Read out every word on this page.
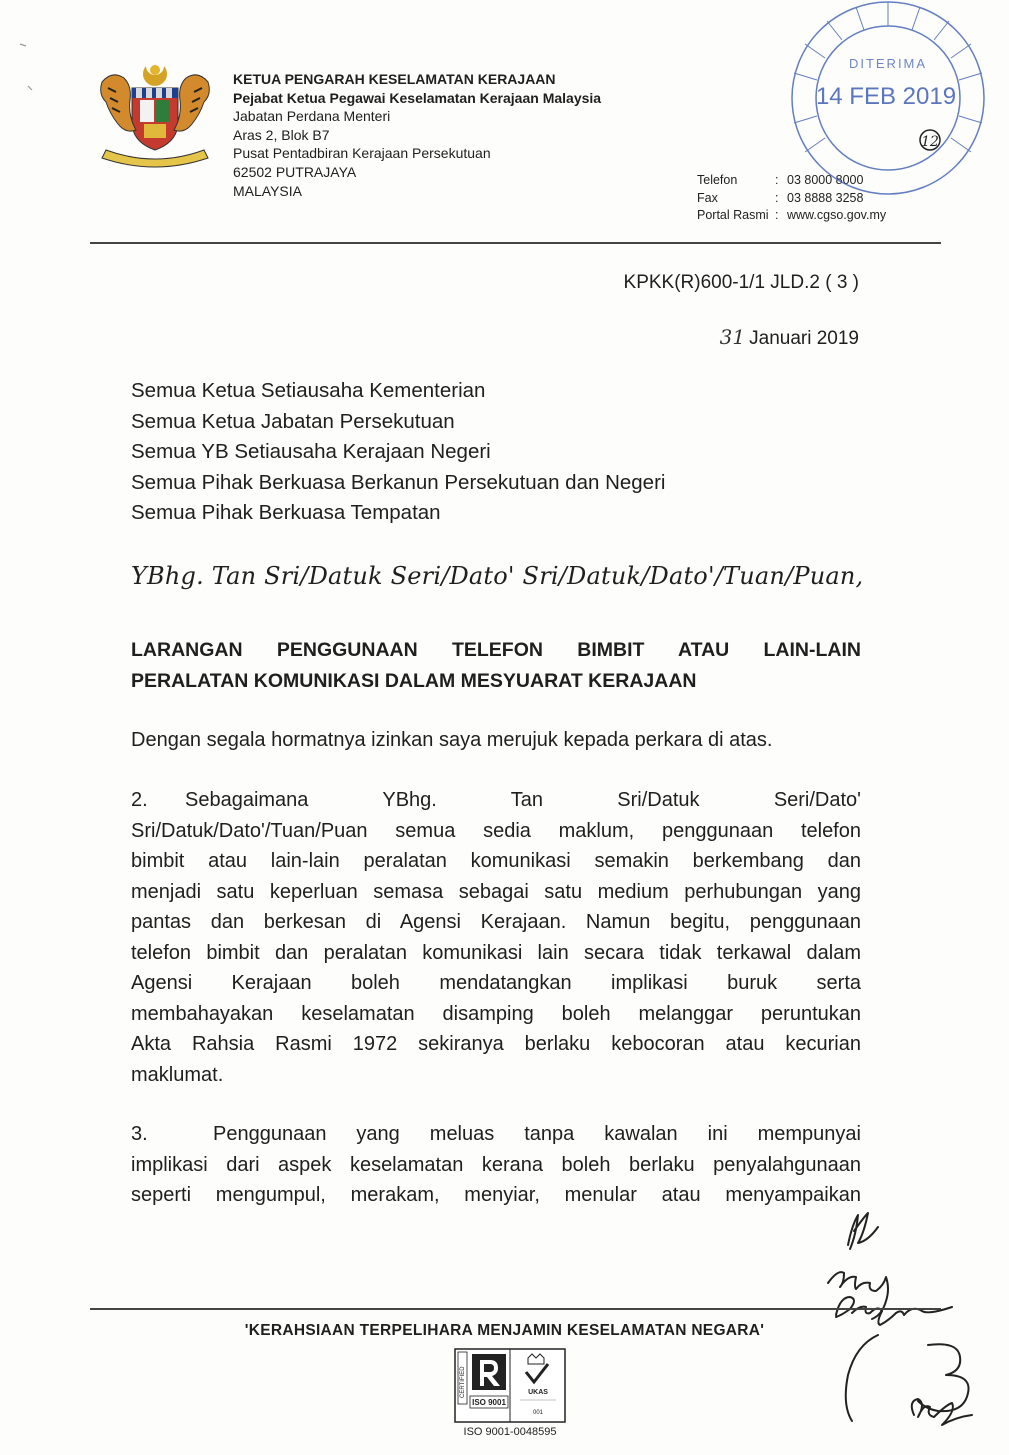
KETUA PENGARAH KESELAMATAN KERAJAAN
Pejabat Ketua Pegawai Keselamatan Kerajaan Malaysia
Jabatan Perdana Menteri
Aras 2, Blok B7
Pusat Pentadbiran Kerajaan Persekutuan
62502 PUTRAJAYA
MALAYSIA
Telefon	: 03 8000 8000
Fax	: 03 8888 3258
Portal Rasmi : www.cgso.gov.my
DITERIMA
14 FEB 2019
12
KPKK(R)600-1/1 JLD.2 ( 3 )
31 Januari 2019
Semua Ketua Setiausaha Kementerian
Semua Ketua Jabatan Persekutuan
Semua YB Setiausaha Kerajaan Negeri
Semua Pihak Berkuasa Berkanun Persekutuan dan Negeri
Semua Pihak Berkuasa Tempatan
YBhg. Tan Sri/Datuk Seri/Dato' Sri/Datuk/Dato'/Tuan/Puan,
LARANGAN PENGGUNAAN TELEFON BIMBIT ATAU LAIN-LAIN
PERALATAN KOMUNIKASI DALAM MESYUARAT KERAJAAN
Dengan segala hormatnya izinkan saya merujuk kepada perkara di atas.
2.	Sebagaimana YBhg. Tan Sri/Datuk Seri/Dato'
Sri/Datuk/Dato'/Tuan/Puan semua sedia maklum, penggunaan telefon
bimbit atau lain-lain peralatan komunikasi semakin berkembang dan
menjadi satu keperluan semasa sebagai satu medium perhubungan yang
pantas dan berkesan di Agensi Kerajaan. Namun begitu, penggunaan
telefon bimbit dan peralatan komunikasi lain secara tidak terkawal dalam
Agensi Kerajaan boleh mendatangkan implikasi buruk serta
membahayakan keselamatan disamping boleh melanggar peruntukan
Akta Rahsia Rasmi 1972 sekiranya berlaku kebocoran atau kecurian
maklumat.
3.	Penggunaan yang meluas tanpa kawalan ini mempunyai
implikasi dari aspek keselamatan kerana boleh berlaku penyalahgunaan
seperti mengumpul, merakam, menyiar, menular atau menyampaikan
'KERAHSIAAN TERPELIHARA MENJAMIN KESELAMATAN NEGARA'
CERTIFIED
ISO 9001
UKAS
001
ISO 9001-0048595
